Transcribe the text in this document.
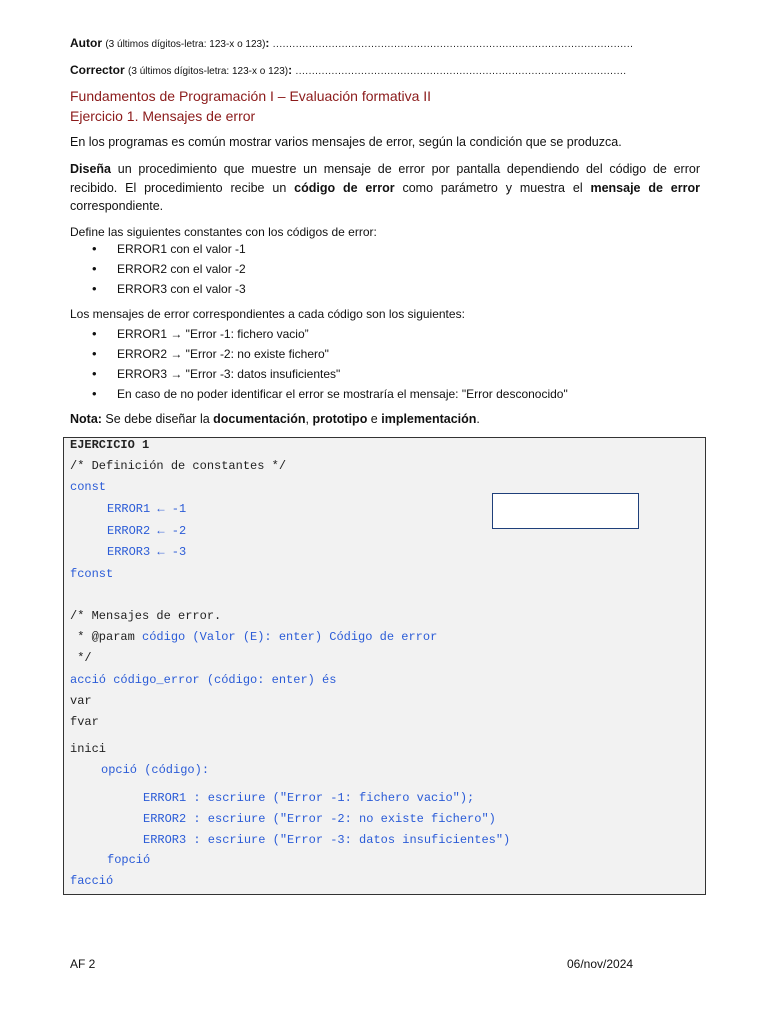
Autor (3 últimos dígitos-letra: 123-x o 123): ..............................................................................................................
Corrector (3 últimos dígitos-letra: 123-x o 123): .....................................................................................................
Fundamentos de Programación I – Evaluación formativa II
Ejercicio 1. Mensajes de error
En los programas es común mostrar varios mensajes de error, según la condición que se produzca.
Diseña un procedimiento que muestre un mensaje de error por pantalla dependiendo del código de error recibido. El procedimiento recibe un código de error como parámetro y muestra el mensaje de error correspondiente.
Define las siguientes constantes con los códigos de error:
• ERROR1 con el valor -1
• ERROR2 con el valor -2
• ERROR3 con el valor -3
Los mensajes de error correspondientes a cada código son los siguientes:
• ERROR1 → "Error -1: fichero vacio”
• ERROR2 → "Error -2: no existe fichero"
• ERROR3 → "Error -3: datos insuficientes"
• En caso de no poder identificar el error se mostraría el mensaje: "Error desconocido"
Nota: Se debe diseñar la documentación, prototipo e implementación.
EJERCICIO 1
/* Definición de constantes */
const
ERROR1 ← -1
ERROR2 ← -2
ERROR3 ← -3
fconst
/* Mensajes de error.
* @param código (Valor (E): enter) Código de error
*/
acció código_error (código: enter) és
var
fvar
inici
opció (código):
ERROR1 : escriure ("Error -1: fichero vacio");
ERROR2 : escriure ("Error -2: no existe fichero")
ERROR3 : escriure ("Error -3: datos insuficientes")
fopció
facció
AF 2	06/nov/2024
